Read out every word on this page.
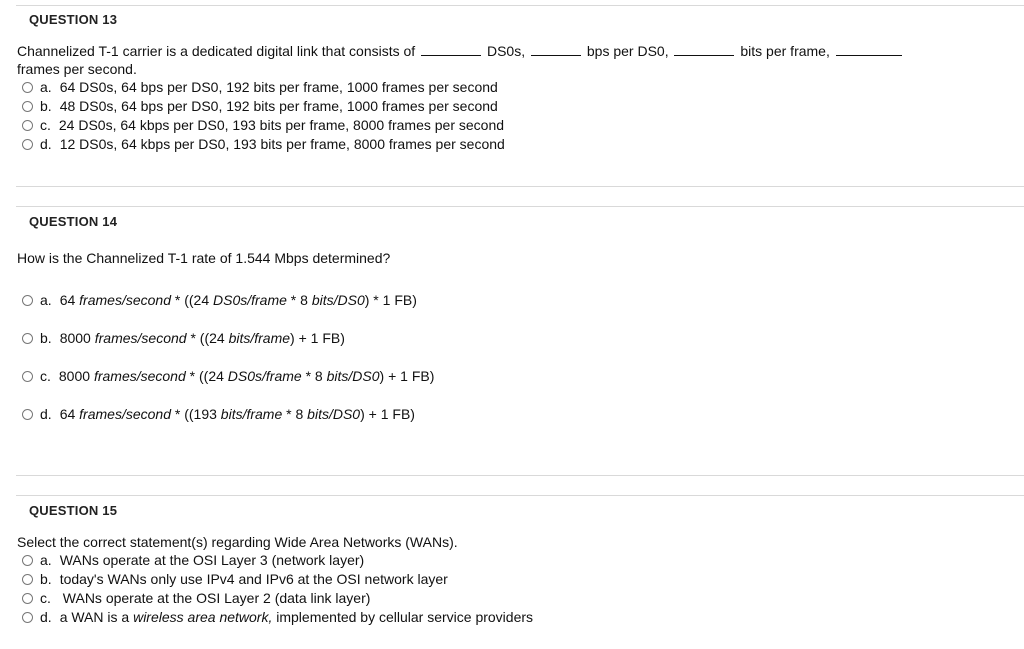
QUESTION 13
Channelized T-1 carrier is a dedicated digital link that consists of	DS0s,	bps per DS0,	bits per frame,
frames per second.
a. 64 DS0s, 64 bps per DS0, 192 bits per frame, 1000 frames per second
b. 48 DS0s, 64 bps per DS0, 192 bits per frame, 1000 frames per second
c. 24 DS0s, 64 kbps per DS0, 193 bits per frame, 8000 frames per second
d. 12 DS0s, 64 kbps per DS0, 193 bits per frame, 8000 frames per second
QUESTION 14
How is the Channelized T-1 rate of 1.544 Mbps determined?
a. 64 frames/second * ((24 DS0s/frame * 8 bits/DS0) * 1 FB)
b. 8000 frames/second * ((24 bits/frame) + 1 FB)
c. 8000 frames/second * ((24 DS0s/frame * 8 bits/DS0) + 1 FB)
d. 64 frames/second * ((193 bits/frame * 8 bits/DS0) + 1 FB)
QUESTION 15
Select the correct statement(s) regarding Wide Area Networks (WANs).
a. WANs operate at the OSI Layer 3 (network layer)
b. today's WANs only use IPv4 and IPv6 at the OSI network layer
c. WANs operate at the OSI Layer 2 (data link layer)
d. a WAN is a wireless area network, implemented by cellular service providers
